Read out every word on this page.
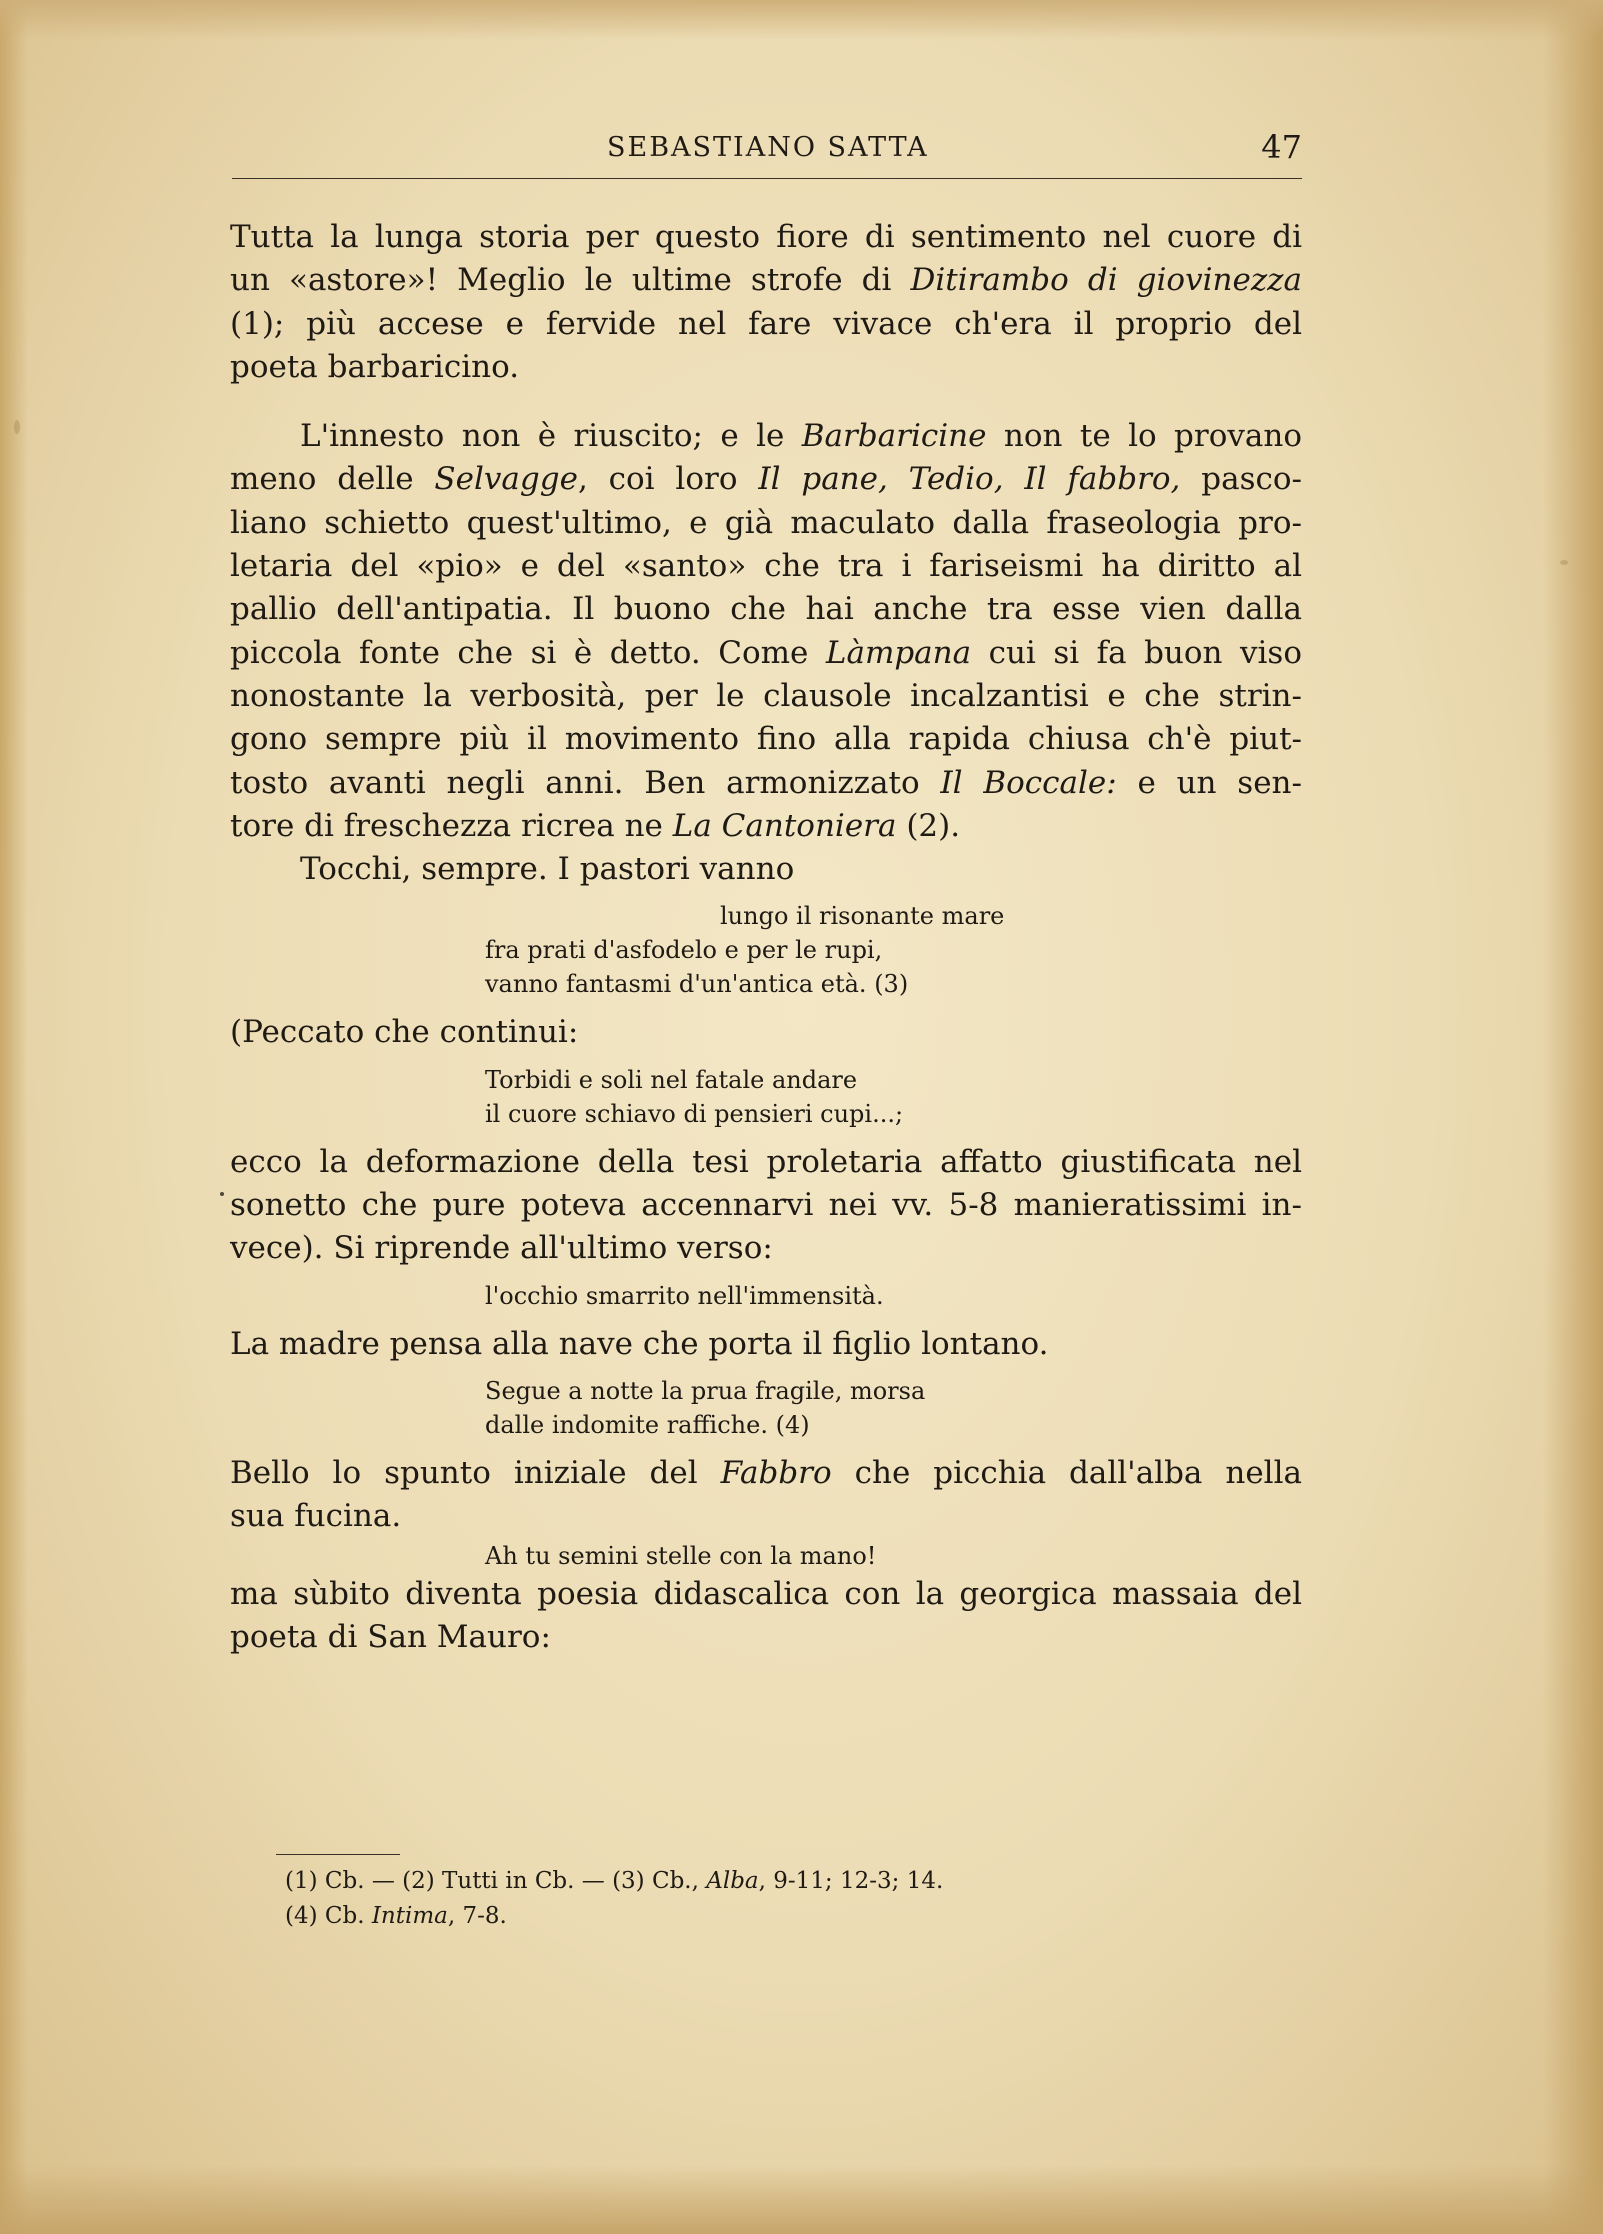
SEBASTIANO SATTA	47

Tutta la lunga storia per questo fiore di sentimento nel cuore di
un «astore»! Meglio le ultime strofe di Ditirambo di giovinezza
(1); più accese e fervide nel fare vivace ch'era il proprio del
poeta barbaricino.

L'innesto non è riuscito; e le Barbaricine non te lo provano
meno delle Selvagge, coi loro Il pane, Tedio, Il fabbro, pasco-
liano schietto quest'ultimo, e già maculato dalla fraseologia pro-
letaria del «pio» e del «santo» che tra i fariseismi ha diritto al
pallio dell'antipatia. Il buono che hai anche tra esse vien dalla
piccola fonte che si è detto. Come Làmpana cui si fa buon viso
nonostante la verbosità, per le clausole incalzantisi e che strin-
gono sempre più il movimento fino alla rapida chiusa ch'è piut-
tosto avanti negli anni. Ben armonizzato Il Boccale: e un sen-
tore di freschezza ricrea ne La Cantoniera (2).

Tocchi, sempre. I pastori vanno

lungo il risonante mare
fra prati d'asfodelo e per le rupi,
vanno fantasmi d'un'antica età. (3)

(Peccato che continui:

Torbidi e soli nel fatale andare
il cuore schiavo di pensieri cupi...;

ecco la deformazione della tesi proletaria affatto giustificata nel
sonetto che pure poteva accennarvi nei vv. 5-8 manieratissimi in-
vece). Si riprende all'ultimo verso:

l'occhio smarrito nell'immensità.

La madre pensa alla nave che porta il figlio lontano.

Segue a notte la prua fragile, morsa
dalle indomite raffiche. (4)

Bello lo spunto iniziale del Fabbro che picchia dall'alba nella
sua fucina.

Ah tu semini stelle con la mano!

ma sùbito diventa poesia didascalica con la georgica massaia del
poeta di San Mauro:

(1) Cb. — (2) Tutti in Cb. — (3) Cb., Alba, 9-11; 12-3; 14.
(4) Cb. Intima, 7-8.
